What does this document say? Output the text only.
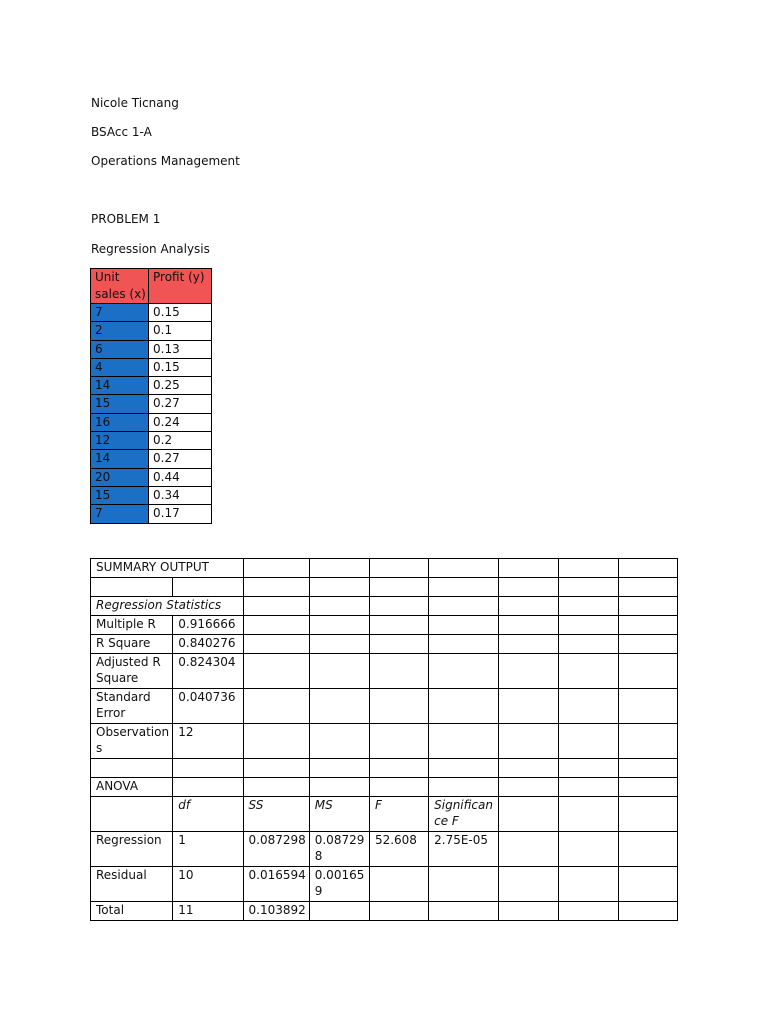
Nicole Ticnang
BSAcc 1-A
Operations Management
PROBLEM 1
Regression Analysis
Unit sales (x)	Profit (y)
7	0.15
2	0.1
6	0.13
4	0.15
14	0.25
15	0.27
16	0.24
12	0.2
14	0.27
20	0.44
15	0.34
7	0.17
SUMMARY OUTPUT								

Regression Statistics								
Multiple R	0.916666							
R Square	0.840276							
Adjusted R Square	0.824304							
Standard Error	0.040736							
Observations	12							

ANOVA								
	df	SS	MS	F	Significance F			
Regression	1	0.087298	0.087298	52.608	2.75E-05			
Residual	10	0.016594	0.001659					
Total	11	0.103892						
